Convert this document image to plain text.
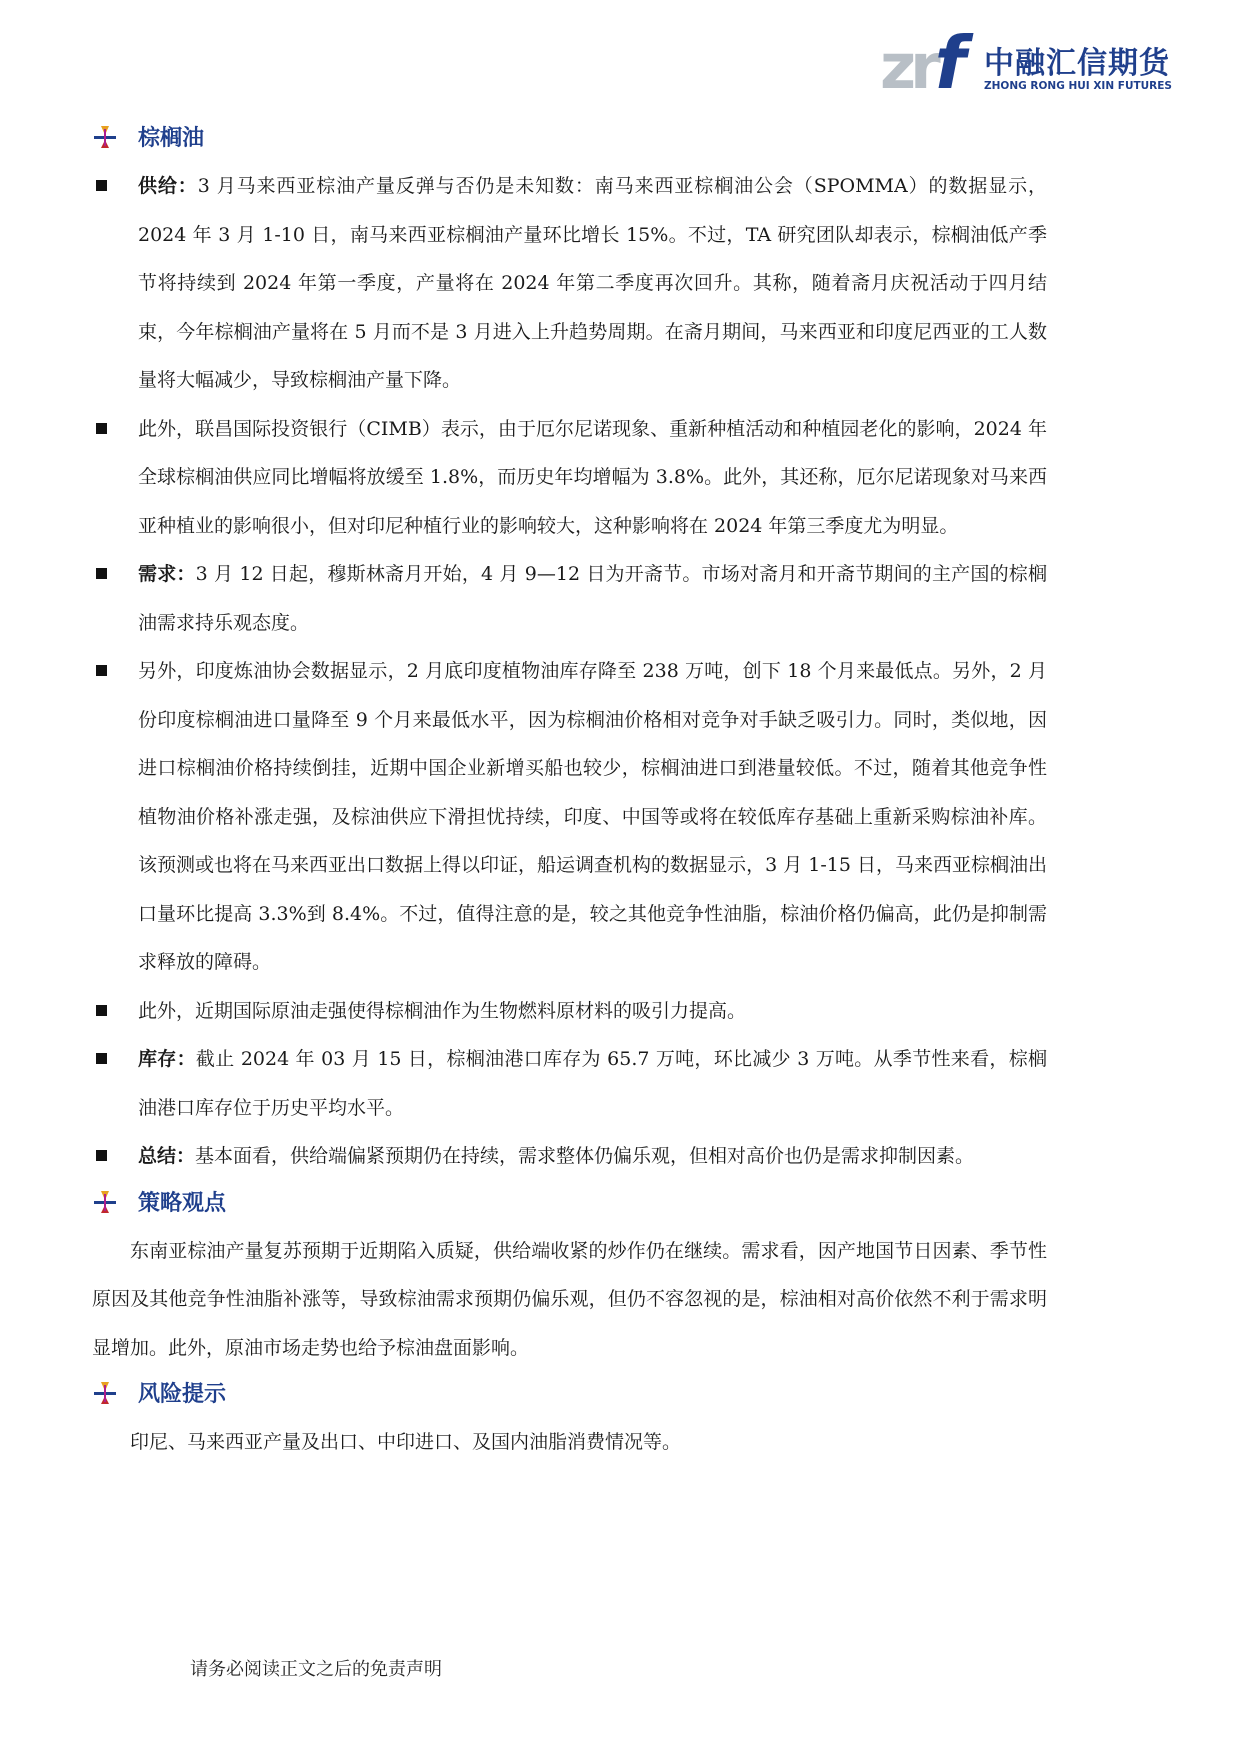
zrf 中融汇信期货
ZHONG RONG HUI XIN FUTURES
棕榈油
供给：3 月马来西亚棕油产量反弹与否仍是未知数：南马来西亚棕榈油公会（SPOMMA）的数据显示，2024 年 3 月 1-10 日，南马来西亚棕榈油产量环比增长 15%。不过，TA 研究团队却表示，棕榈油低产季节将持续到 2024 年第一季度，产量将在 2024 年第二季度再次回升。其称，随着斋月庆祝活动于四月结束，今年棕榈油产量将在 5 月而不是 3 月进入上升趋势周期。在斋月期间，马来西亚和印度尼西亚的工人数量将大幅减少，导致棕榈油产量下降。
此外，联昌国际投资银行（CIMB）表示，由于厄尔尼诺现象、重新种植活动和种植园老化的影响，2024 年全球棕榈油供应同比增幅将放缓至 1.8%，而历史年均增幅为 3.8%。此外，其还称，厄尔尼诺现象对马来西亚种植业的影响很小，但对印尼种植行业的影响较大，这种影响将在 2024 年第三季度尤为明显。
需求：3 月 12 日起，穆斯林斋月开始，4 月 9—12 日为开斋节。市场对斋月和开斋节期间的主产国的棕榈油需求持乐观态度。
另外，印度炼油协会数据显示，2 月底印度植物油库存降至 238 万吨，创下 18 个月来最低点。另外，2 月份印度棕榈油进口量降至 9 个月来最低水平，因为棕榈油价格相对竞争对手缺乏吸引力。同时，类似地，因进口棕榈油价格持续倒挂，近期中国企业新增买船也较少，棕榈油进口到港量较低。不过，随着其他竞争性植物油价格补涨走强，及棕油供应下滑担忧持续，印度、中国等或将在较低库存基础上重新采购棕油补库。该预测或也将在马来西亚出口数据上得以印证，船运调查机构的数据显示，3 月 1-15 日，马来西亚棕榈油出口量环比提高 3.3%到 8.4%。不过，值得注意的是，较之其他竞争性油脂，棕油价格仍偏高，此仍是抑制需求释放的障碍。
此外，近期国际原油走强使得棕榈油作为生物燃料原材料的吸引力提高。
库存：截止 2024 年 03 月 15 日，棕榈油港口库存为 65.7 万吨，环比减少 3 万吨。从季节性来看，棕榈油港口库存位于历史平均水平。
总结：基本面看，供给端偏紧预期仍在持续，需求整体仍偏乐观，但相对高价也仍是需求抑制因素。
策略观点

东南亚棕油产量复苏预期于近期陷入质疑，供给端收紧的炒作仍在继续。需求看，因产地国节日因素、季节性原因及其他竞争性油脂补涨等，导致棕油需求预期仍偏乐观，但仍不容忽视的是，棕油相对高价依然不利于需求明显增加。此外，原油市场走势也给予棕油盘面影响。

风险提示

印尼、马来西亚产量及出口、中印进口、及国内油脂消费情况等。

请务必阅读正文之后的免责声明
